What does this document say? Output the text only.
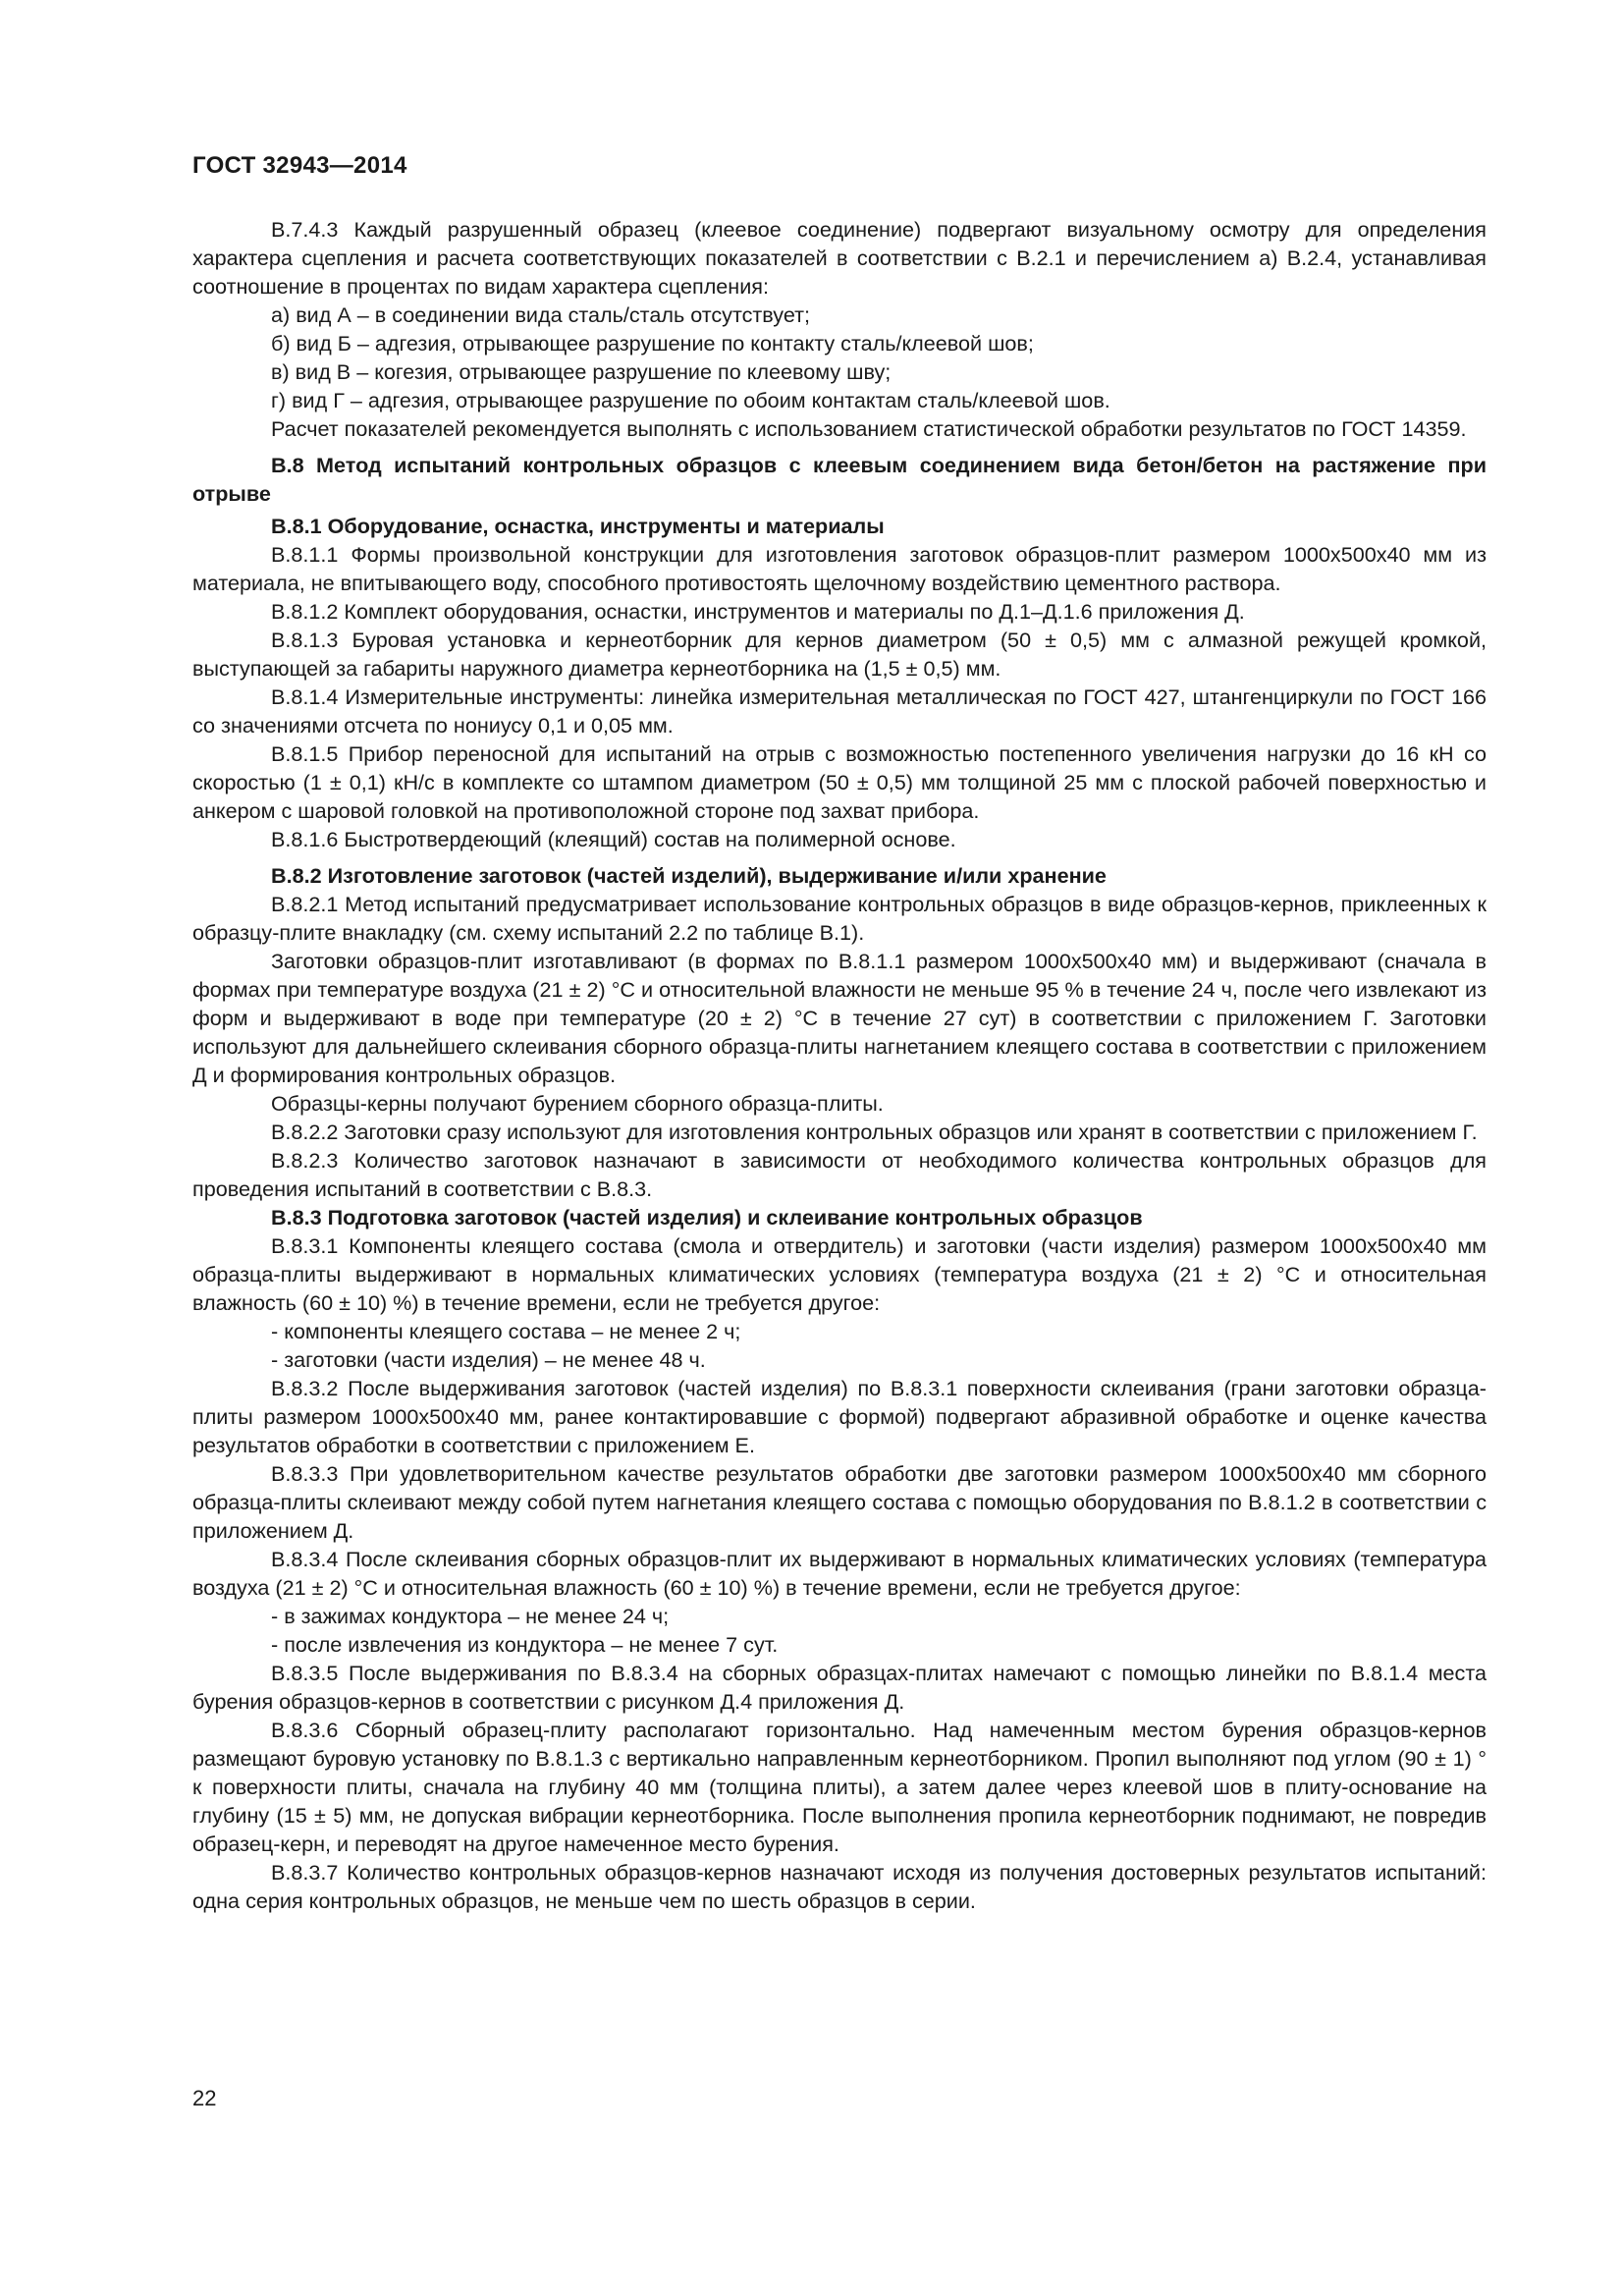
ГОСТ 32943—2014

В.7.4.3 Каждый разрушенный образец (клеевое соединение) подвергают визуальному осмотру для определения характера сцепления и расчета соответствующих показателей в соответствии с В.2.1 и перечислением а) В.2.4, устанавливая соотношение в процентах по видам характера сцепления:

а) вид А – в соединении вида сталь/сталь отсутствует;

б) вид Б – адгезия, отрывающее разрушение по контакту сталь/клеевой шов;

в) вид В – когезия, отрывающее разрушение по клеевому шву;

г) вид Г – адгезия, отрывающее разрушение по обоим контактам сталь/клеевой шов.

Расчет показателей рекомендуется выполнять с использованием статистической обработки результатов по ГОСТ 14359.

В.8 Метод испытаний контрольных образцов с клеевым соединением вида бетон/бетон на растяжение при отрыве

В.8.1 Оборудование, оснастка, инструменты и материалы

В.8.1.1 Формы произвольной конструкции для изготовления заготовок образцов-плит размером 1000х500х40 мм из материала, не впитывающего воду, способного противостоять щелочному воздействию цементного раствора.

В.8.1.2 Комплект оборудования, оснастки, инструментов и материалы по Д.1–Д.1.6 приложения Д.

В.8.1.3 Буровая установка и кернеотборник для кернов диаметром (50 ± 0,5) мм с алмазной режущей кромкой, выступающей за габариты наружного диаметра кернеотборника на (1,5 ± 0,5) мм.

В.8.1.4 Измерительные инструменты: линейка измерительная металлическая по ГОСТ 427, штангенциркули по ГОСТ 166 со значениями отсчета по нониусу 0,1 и 0,05 мм.

В.8.1.5 Прибор переносной для испытаний на отрыв с возможностью постепенного увеличения нагрузки до 16 кН со скоростью (1 ± 0,1) кН/с в комплекте со штампом диаметром (50 ± 0,5) мм толщиной 25 мм с плоской рабочей поверхностью и анкером с шаровой головкой на противоположной стороне под захват прибора.

В.8.1.6 Быстротвердеющий (клеящий) состав на полимерной основе.

В.8.2 Изготовление заготовок (частей изделий), выдерживание и/или хранение

В.8.2.1 Метод испытаний предусматривает использование контрольных образцов в виде образцов-кернов, приклеенных к образцу-плите внакладку (см. схему испытаний 2.2 по таблице В.1).

Заготовки образцов-плит изготавливают (в формах по В.8.1.1 размером 1000х500х40 мм) и выдерживают (сначала в формах при температуре воздуха (21 ± 2) °С и относительной влажности не меньше 95 % в течение 24 ч, после чего извлекают из форм и выдерживают в воде при температуре (20 ± 2) °С в течение 27 сут) в соответствии с приложением Г. Заготовки используют для дальнейшего склеивания сборного образца-плиты нагнетанием клеящего состава в соответствии с приложением Д и формирования контрольных образцов.

Образцы-керны получают бурением сборного образца-плиты.

В.8.2.2 Заготовки сразу используют для изготовления контрольных образцов или хранят в соответствии с приложением Г.

В.8.2.3 Количество заготовок назначают в зависимости от необходимого количества контрольных образцов для проведения испытаний в соответствии с В.8.3.

В.8.3 Подготовка заготовок (частей изделия) и склеивание контрольных образцов

В.8.3.1 Компоненты клеящего состава (смола и отвердитель) и заготовки (части изделия) размером 1000х500х40 мм образца-плиты выдерживают в нормальных климатических условиях (температура воздуха (21 ± 2) °С и относительная влажность (60 ± 10) %) в течение времени, если не требуется другое:

- компоненты клеящего состава – не менее 2 ч;

- заготовки (части изделия) – не менее 48 ч.

В.8.3.2 После выдерживания заготовок (частей изделия) по В.8.3.1 поверхности склеивания (грани заготовки образца-плиты размером 1000х500х40 мм, ранее контактировавшие с формой) подвергают абразивной обработке и оценке качества результатов обработки в соответствии с приложением Е.

В.8.3.3 При удовлетворительном качестве результатов обработки две заготовки размером 1000х500х40 мм сборного образца-плиты склеивают между собой путем нагнетания клеящего состава с помощью оборудования по В.8.1.2 в соответствии с приложением Д.

В.8.3.4 После склеивания сборных образцов-плит их выдерживают в нормальных климатических условиях (температура воздуха (21 ± 2) °С и относительная влажность (60 ± 10) %) в течение времени, если не требуется другое:

- в зажимах кондуктора – не менее 24 ч;

- после извлечения из кондуктора – не менее 7 сут.

В.8.3.5 После выдерживания по В.8.3.4 на сборных образцах-плитах намечают с помощью линейки по В.8.1.4 места бурения образцов-кернов в соответствии с рисунком Д.4 приложения Д.

В.8.3.6 Сборный образец-плиту располагают горизонтально. Над намеченным местом бурения образцов-кернов размещают буровую установку по В.8.1.3 с вертикально направленным кернеотборником. Пропил выполняют под углом (90 ± 1) ° к поверхности плиты, сначала на глубину 40 мм (толщина плиты), а затем далее через клеевой шов в плиту-основание на глубину (15 ± 5) мм, не допуская вибрации кернеотборника. После выполнения пропила кернеотборник поднимают, не повредив образец-керн, и переводят на другое намеченное место бурения.

В.8.3.7 Количество контрольных образцов-кернов назначают исходя из получения достоверных результатов испытаний: одна серия контрольных образцов, не меньше чем по шесть образцов в серии.

22
